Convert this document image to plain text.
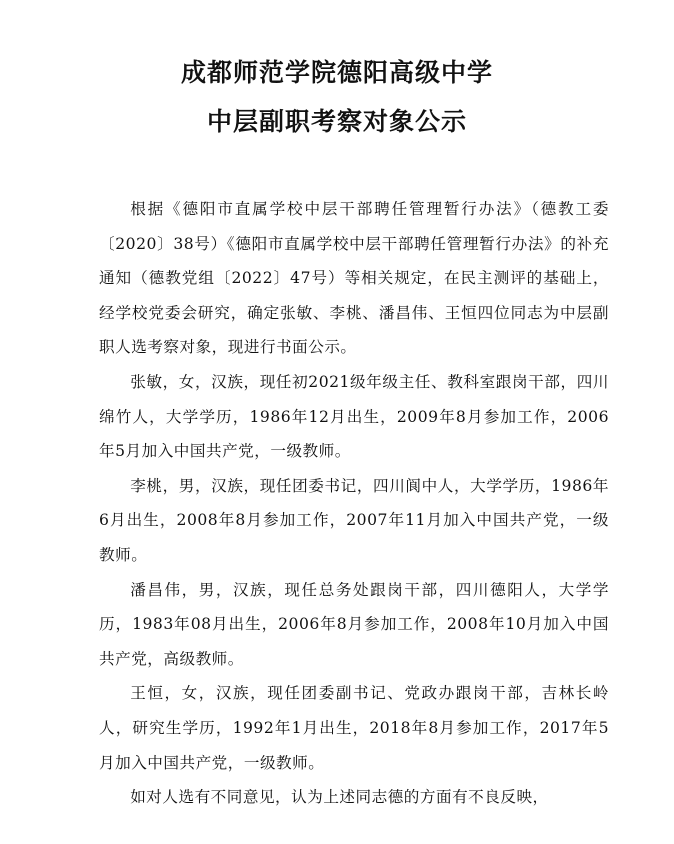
成都师范学院德阳高级中学
中层副职考察对象公示

根据《德阳市直属学校中层干部聘任管理暂行办法》（德教工委〔2020〕38号）《德阳市直属学校中层干部聘任管理暂行办法》的补充通知（德教党组〔2022〕47号）等相关规定，在民主测评的基础上，经学校党委会研究，确定张敏、李桃、潘昌伟、王恒四位同志为中层副职人选考察对象，现进行书面公示。

张敏，女，汉族，现任初2021级年级主任、教科室跟岗干部，四川绵竹人，大学学历，1986年12月出生，2009年8月参加工作，2006年5月加入中国共产党，一级教师。

李桃，男，汉族，现任团委书记，四川阆中人，大学学历，1986年6月出生，2008年8月参加工作，2007年11月加入中国共产党，一级教师。

潘昌伟，男，汉族，现任总务处跟岗干部，四川德阳人，大学学历，1983年08月出生，2006年8月参加工作，2008年10月加入中国共产党，高级教师。

王恒，女，汉族，现任团委副书记、党政办跟岗干部，吉林长岭人，研究生学历，1992年1月出生，2018年8月参加工作，2017年5月加入中国共产党，一级教师。

如对人选有不同意见，认为上述同志德的方面有不良反映，
